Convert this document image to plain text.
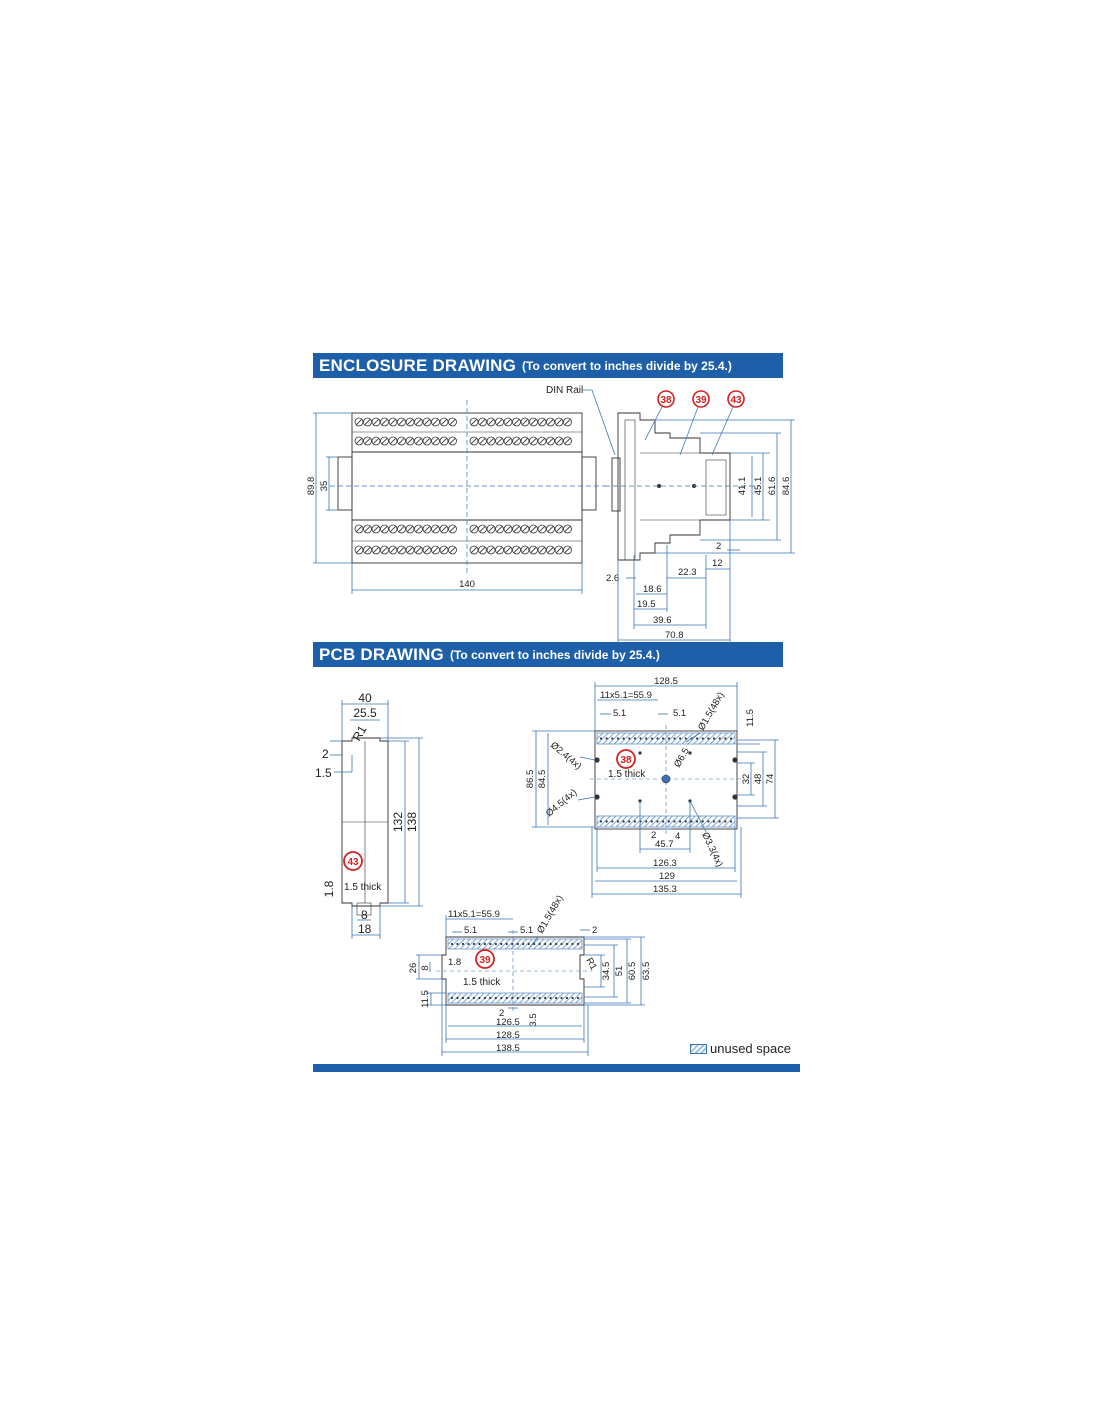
ENCLOSURE DRAWING (To convert to inches divide by 25.4.)
PCB DRAWING (To convert to inches divide by 25.4.)
89.8 35
140
DIN Rail
38 39 43
41.1 45.1 61.6 84.6
2
12
22.3
2.6
18.6
19.5
39.6
70.8
40
25.5
R1
2
1.5
132 138
43
1.5 thick
1.8
8
18
38
1.5 thick
128.5
11x5.1=55.9
5.1	5.1 Ø1.5(48x) 11.5
Ø2.4(4x)
Ø4.5(4x)
86.5 84.5
Ø6.5
32 48 74
2 4
45.7	Ø3.3(4x)
126.3
129
135.3
39
1.5 thick
11x5.1=55.9
5.1	5.1 Ø1.5(48x)	2
1.8
26 8
11.5
R1 34.5 51 60.5 63.5
2 3.5
126.5
128.5
138.5	unused space
